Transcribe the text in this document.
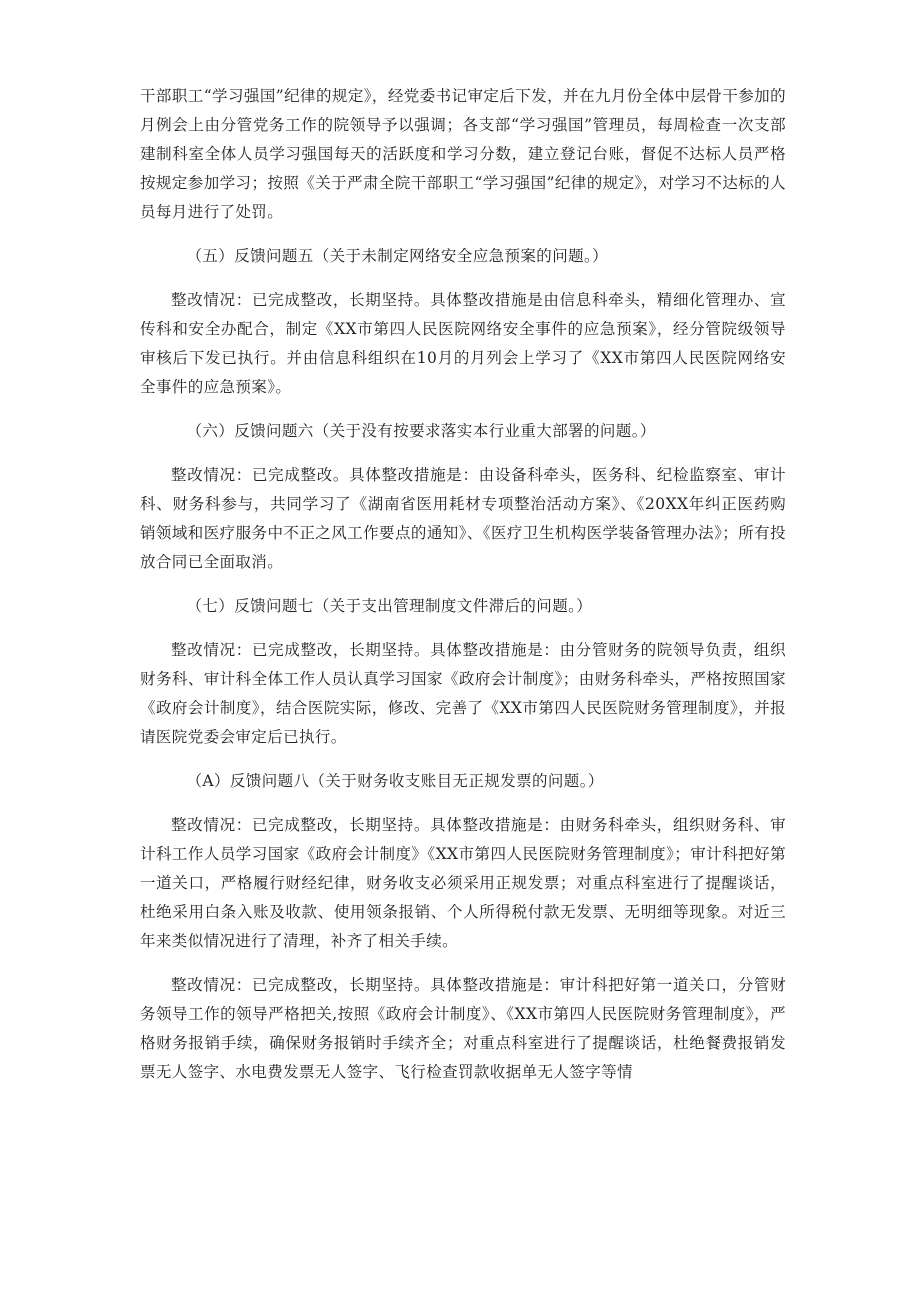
干部职工“学习强国”纪律的规定》，经党委书记审定后下发，并在九月份全体中层骨干参加的月例会上由分管党务工作的院领导予以强调；各支部“学习强国”管理员，每周检查一次支部建制科室全体人员学习强国每天的活跃度和学习分数，建立登记台账，督促不达标人员严格按规定参加学习；按照《关于严肃全院干部职工“学习强国”纪律的规定》，对学习不达标的人员每月进行了处罚。

（五）反馈问题五（关于未制定网络安全应急预案的问题。）

整改情况：已完成整改，长期坚持。具体整改措施是由信息科牵头，精细化管理办、宣传科和安全办配合，制定《XX市第四人民医院网络安全事件的应急预案》，经分管院级领导审核后下发已执行。并由信息科组织在10月的月列会上学习了《XX市第四人民医院网络安全事件的应急预案》。

（六）反馈问题六（关于没有按要求落实本行业重大部署的问题。）

整改情况：已完成整改。具体整改措施是：由设备科牵头，医务科、纪检监察室、审计科、财务科参与，共同学习了《湖南省医用耗材专项整治活动方案》、《20XX年纠正医药购销领域和医疗服务中不正之风工作要点的通知》、《医疗卫生机构医学装备管理办法》；所有投放合同已全面取消。

（七）反馈问题七（关于支出管理制度文件滞后的问题。）

整改情况：已完成整改，长期坚持。具体整改措施是：由分管财务的院领导负责，组织财务科、审计科全体工作人员认真学习国家《政府会计制度》；由财务科牵头，严格按照国家《政府会计制度》，结合医院实际，修改、完善了《XX市第四人民医院财务管理制度》，并报请医院党委会审定后已执行。

（A）反馈问题八（关于财务收支账目无正规发票的问题。）

整改情况：已完成整改，长期坚持。具体整改措施是：由财务科牵头，组织财务科、审计科工作人员学习国家《政府会计制度》《XX市第四人民医院财务管理制度》；审计科把好第一道关口，严格履行财经纪律，财务收支必须采用正规发票；对重点科室进行了提醒谈话，杜绝采用白条入账及收款、使用领条报销、个人所得税付款无发票、无明细等现象。对近三年来类似情况进行了清理，补齐了相关手续。

整改情况：已完成整改，长期坚持。具体整改措施是：审计科把好第一道关口，分管财务领导工作的领导严格把关,按照《政府会计制度》、《XX市第四人民医院财务管理制度》，严格财务报销手续，确保财务报销时手续齐全；对重点科室进行了提醒谈话，杜绝餐费报销发票无人签字、水电费发票无人签字、飞行检查罚款收据单无人签字等情
